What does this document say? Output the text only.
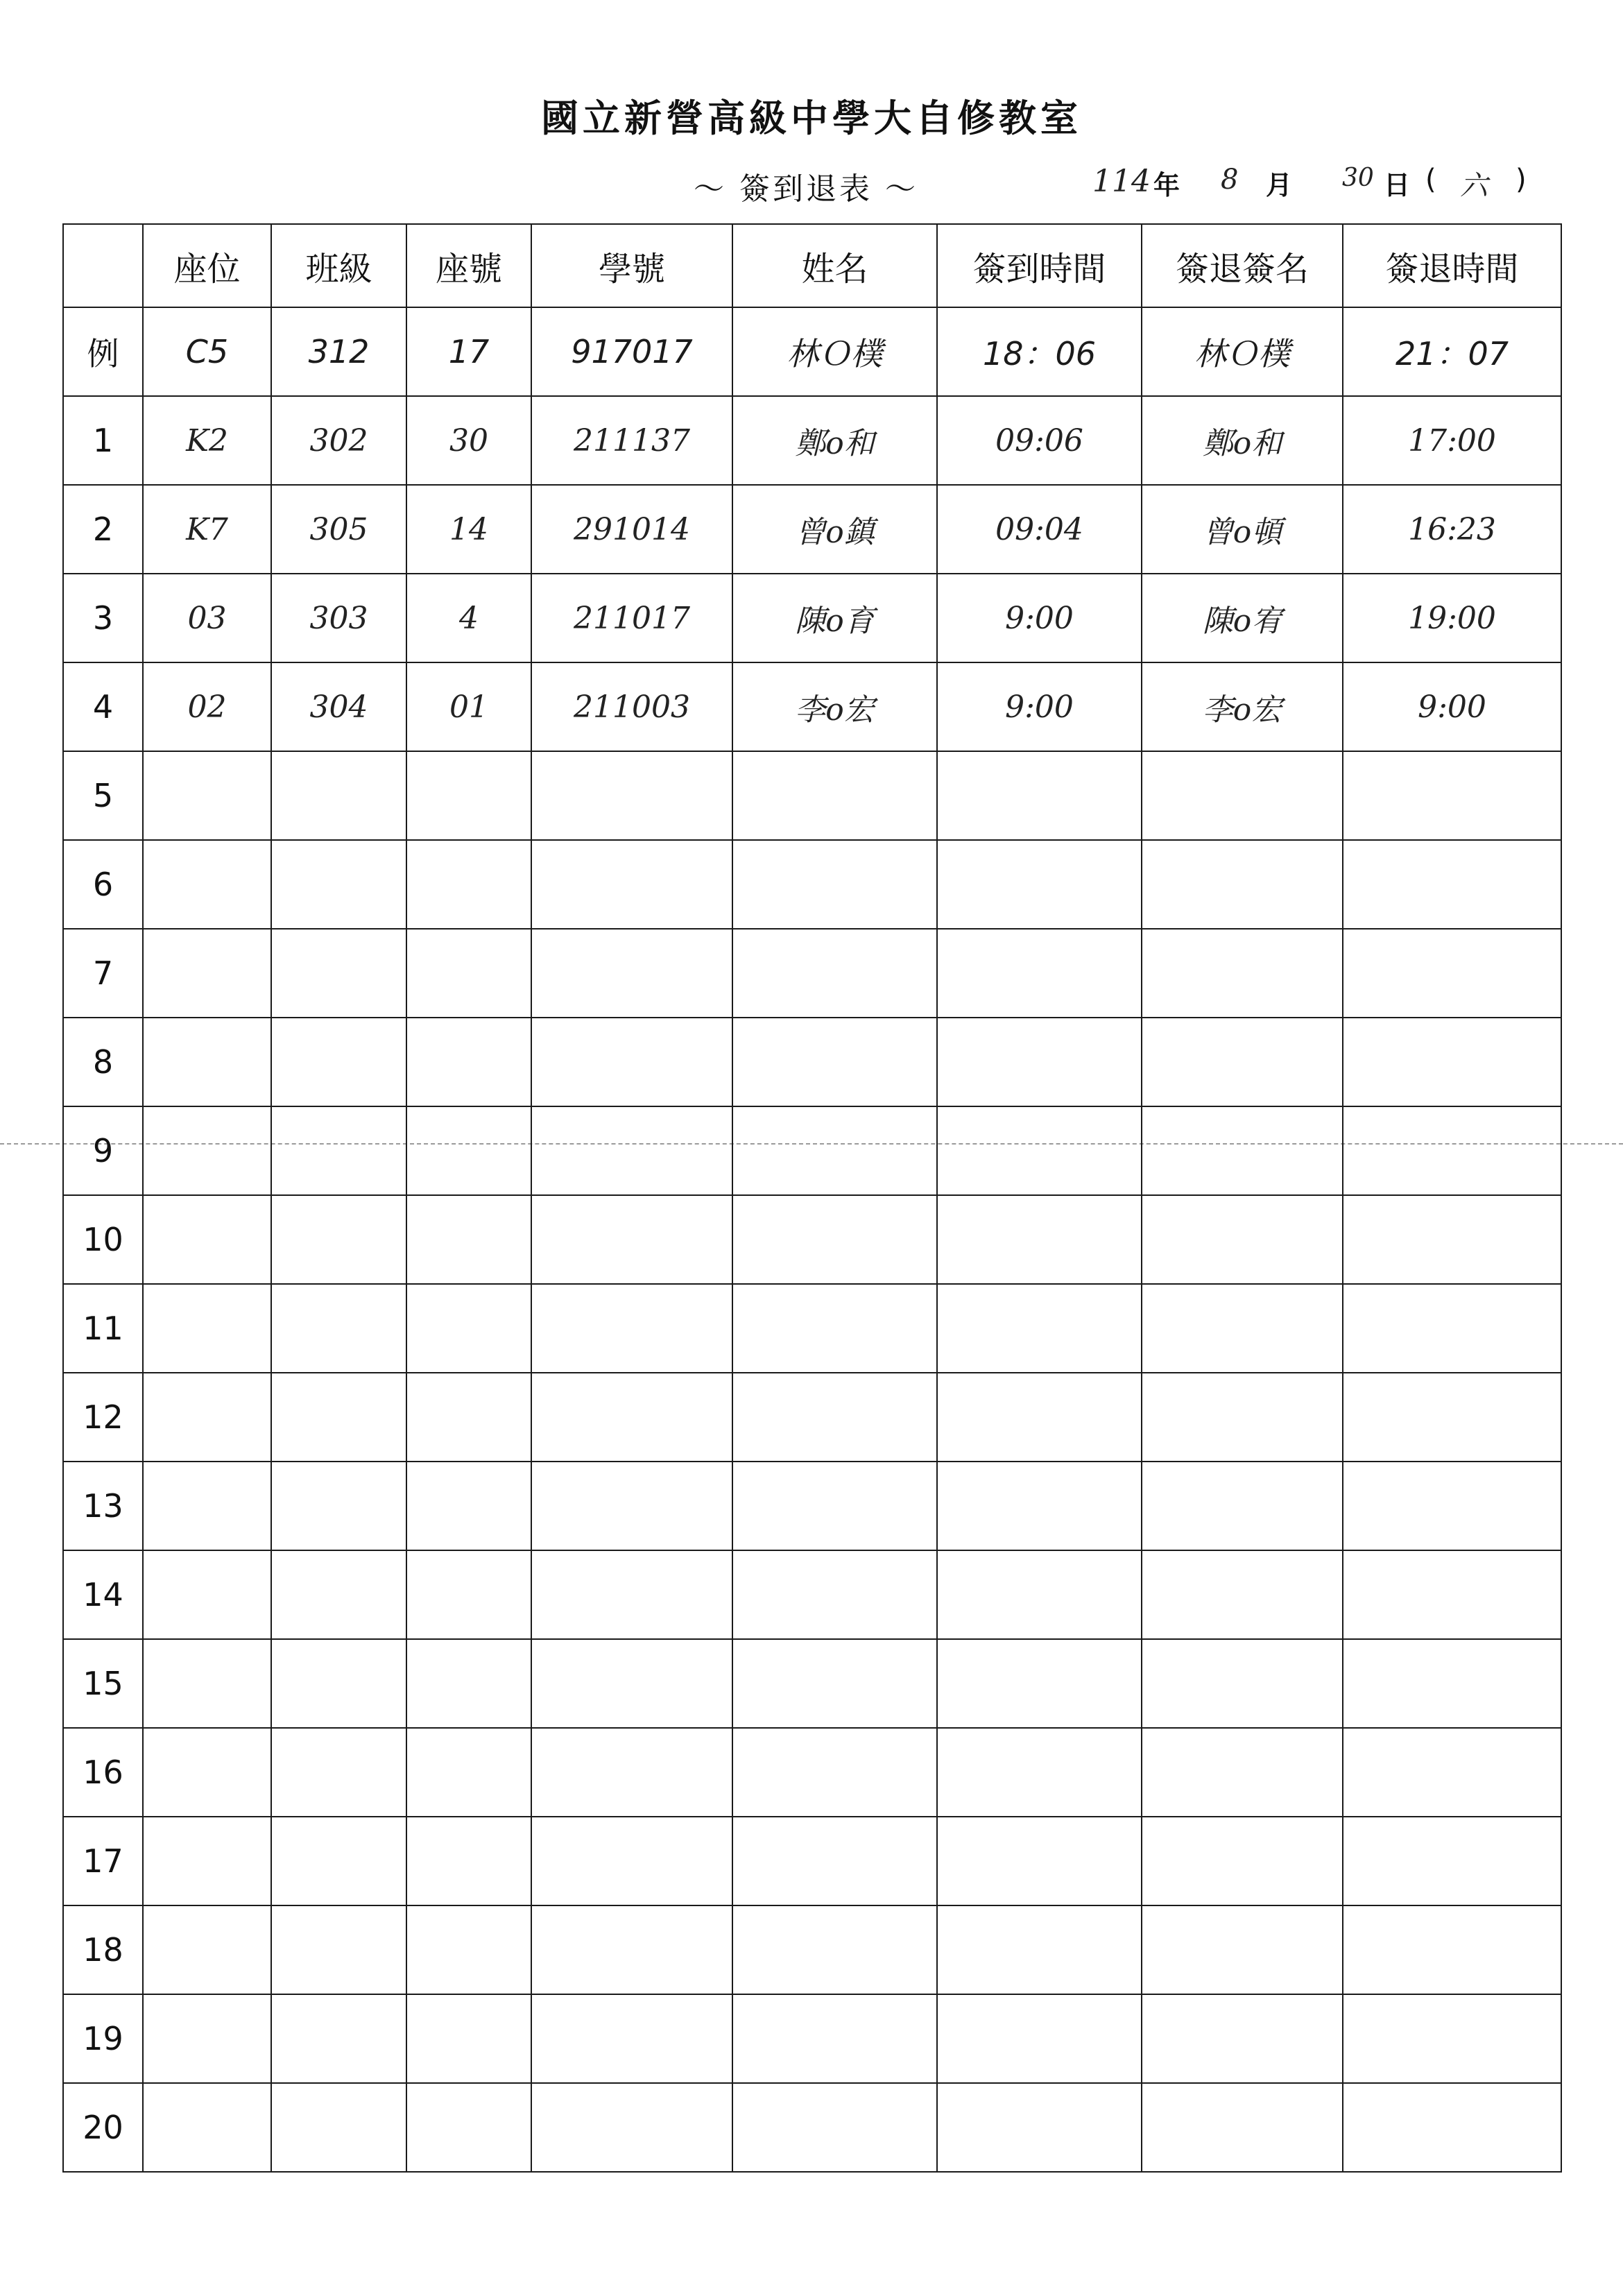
國立新營高級中學大自修教室
～ 簽到退表 ～	114 年 8 月 30 日 ( 六 )
	座位	班級	座號	學號	姓名	簽到時間	簽退簽名	簽退時間
例	C5	312	17	917017	林Ｏ樸	18：06	林Ｏ樸	21：07
1	K2	302	30	211137	鄭o和	09:06	鄭o和	17:00
2	K7	305	14	291014	曾o鎮	09:04	曾o頓	16:23
3	03	303	4	211017	陳o育	9:00	陳o宥	19:00
4	02	304	01	211003	李o宏	9:00	李o宏	9:00
5								
6								
7								
8								
9								
10								
11								
12								
13								
14								
15								
16								
17								
18								
19								
20								
